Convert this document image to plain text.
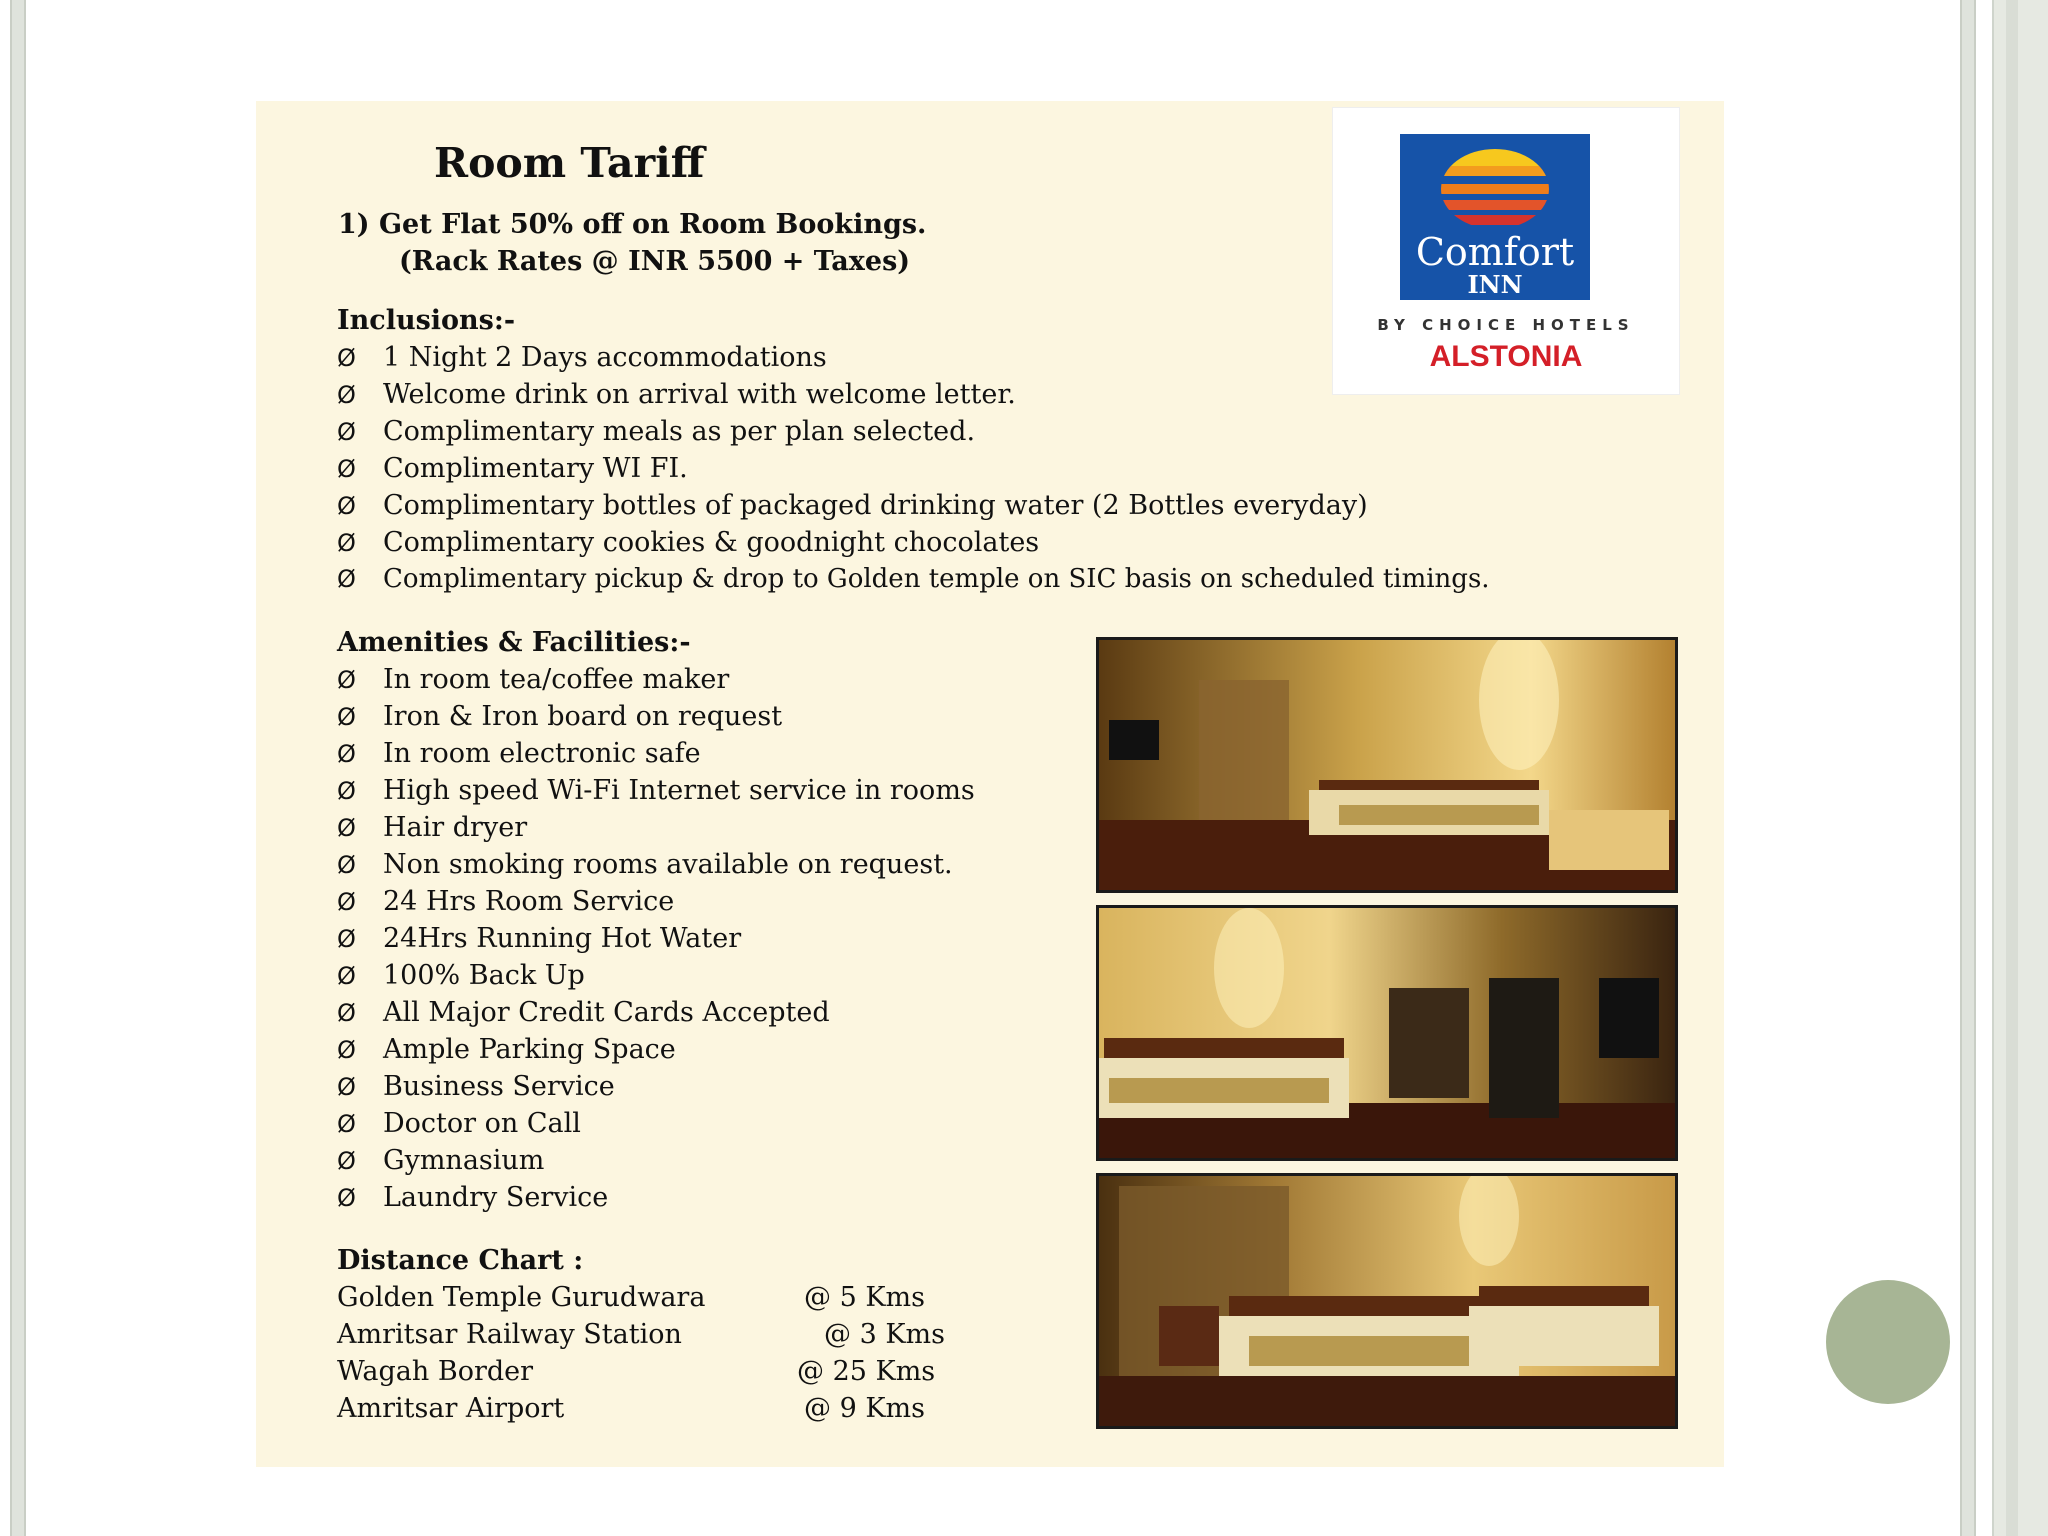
Room Tariff
1) Get Flat 50% off on Room Bookings.
(Rack Rates @ INR 5500 + Taxes)
Inclusions:-
Ø 1 Night 2 Days accommodations
Ø Welcome drink on arrival with welcome letter.
Ø Complimentary meals as per plan selected.
Ø Complimentary WI FI.
Ø Complimentary bottles of packaged drinking water (2 Bottles everyday)
Ø Complimentary cookies & goodnight chocolates
Ø Complimentary pickup & drop to Golden temple on SIC basis on scheduled timings.
Amenities & Facilities:-
Ø In room tea/coffee maker
Ø Iron & Iron board on request
Ø In room electronic safe
Ø High speed Wi-Fi Internet service in rooms
Ø Hair dryer
Ø Non smoking rooms available on request.
Ø 24 Hrs Room Service
Ø 24Hrs Running Hot Water
Ø 100% Back Up
Ø All Major Credit Cards Accepted
Ø Ample Parking Space
Ø Business Service
Ø Doctor on Call
Ø Gymnasium
Ø Laundry Service
Distance Chart :
Golden Temple Gurudwara	@ 5 Kms
Amritsar Railway Station	@ 3 Kms
Wagah Border	@ 25 Kms
Amritsar Airport	@ 9 Kms
Comfort
INN
BY CHOICE HOTELS
ALSTONIA
